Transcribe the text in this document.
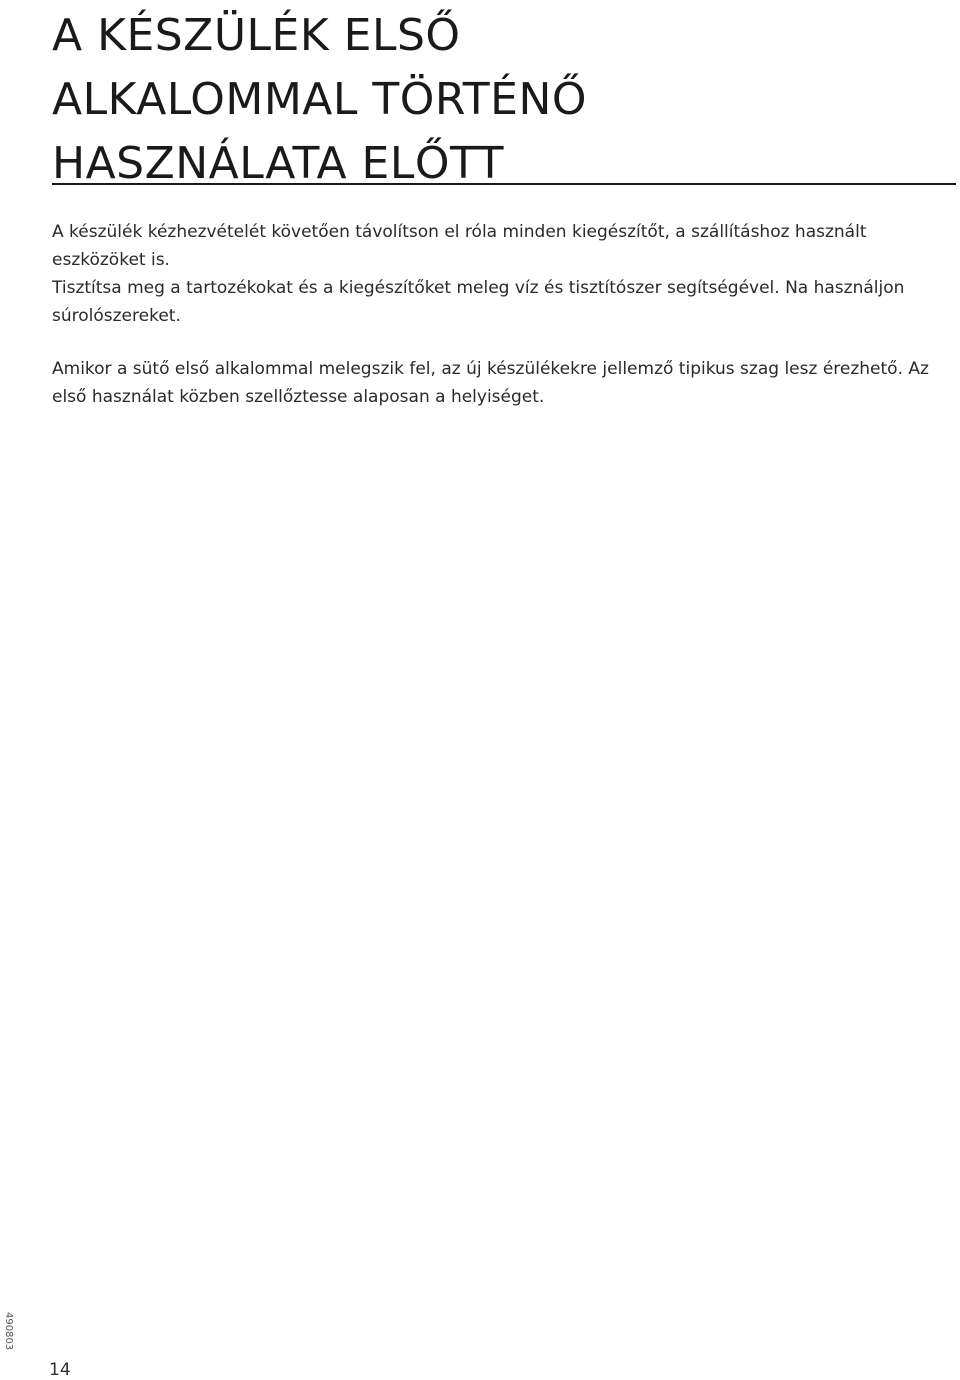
A KÉSZÜLÉK ELSŐ
ALKALOMMAL TÖRTÉNŐ
HASZNÁLATA ELŐTT

A készülék kézhezvételét követően távolítson el róla minden kiegészítőt, a szállításhoz használt eszközöket is.

Tisztítsa meg a tartozékokat és a kiegészítőket meleg víz és tisztítószer segítségével. Na használjon súrolószereket.

Amikor a sütő első alkalommal melegszik fel, az új készülékekre jellemző tipikus szag lesz érezhető. Az első használat közben szellőztesse alaposan a helyiséget.

490803
14
